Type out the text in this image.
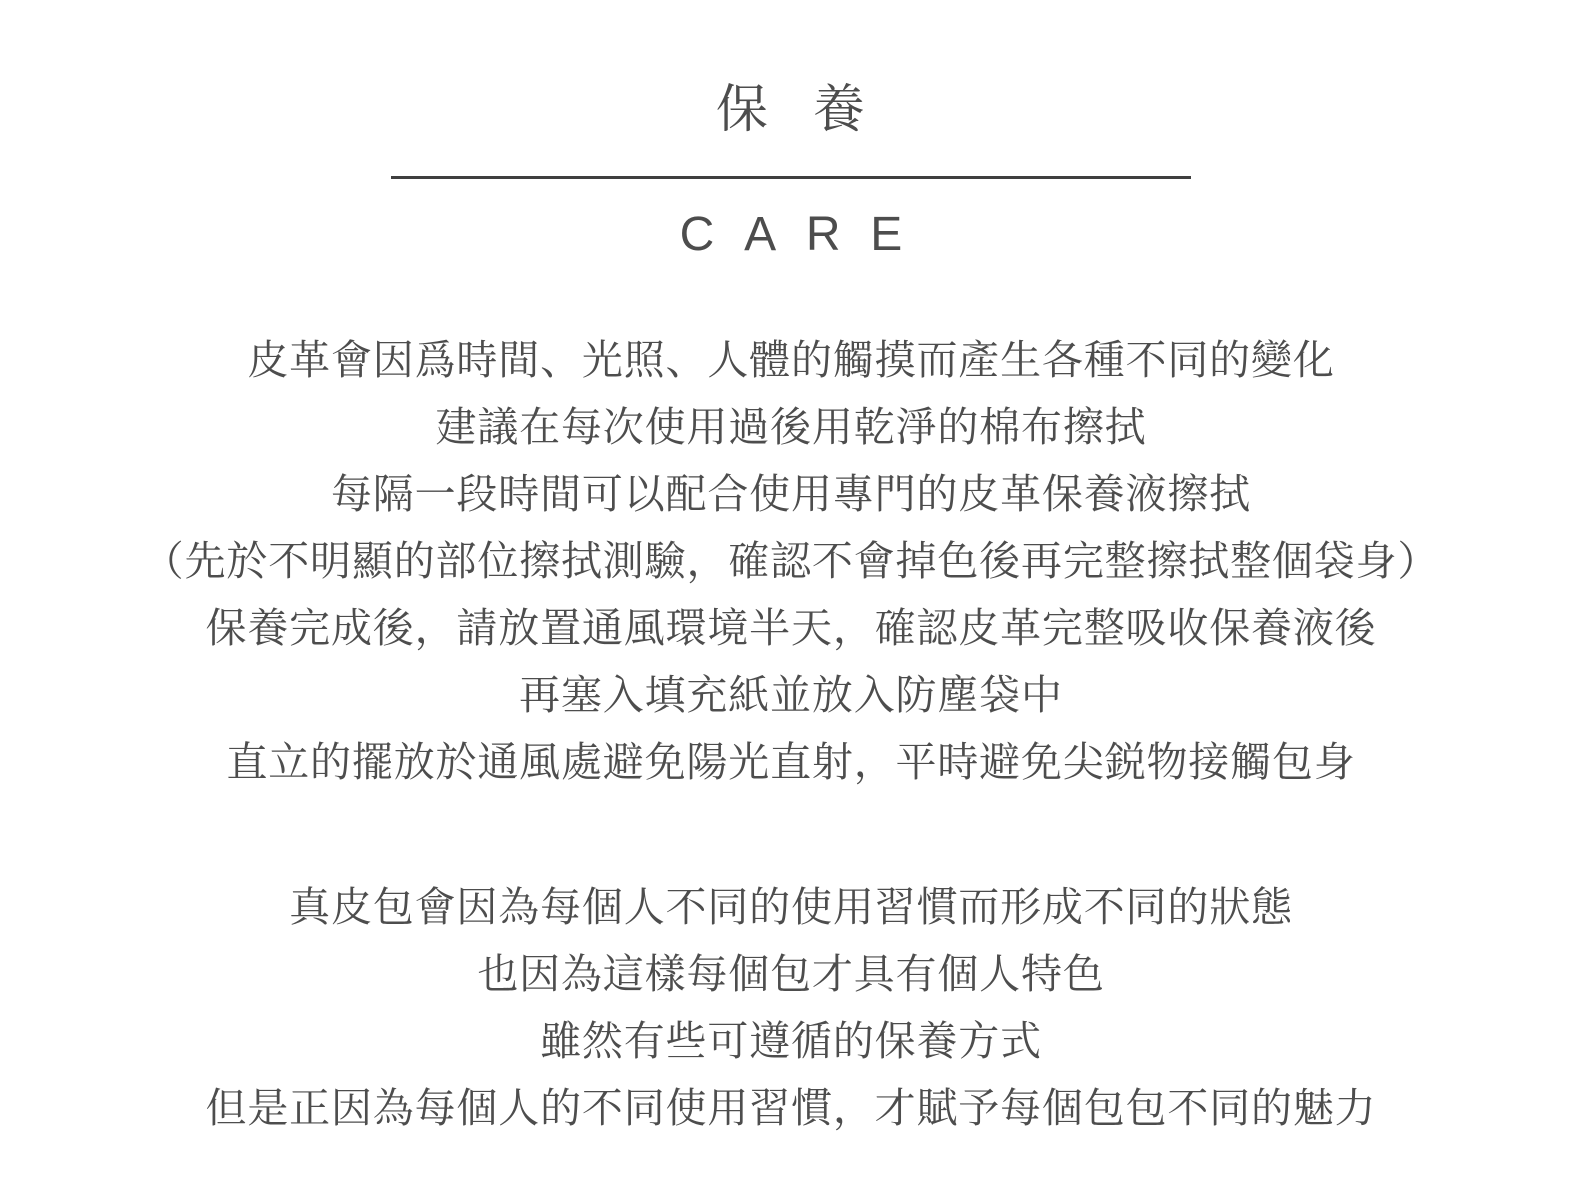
保 養
CARE
皮革會因爲時間、光照、人體的觸摸而產生各種不同的變化
建議在每次使用過後用乾淨的棉布擦拭
每隔一段時間可以配合使用專門的皮革保養液擦拭
（先於不明顯的部位擦拭測驗，確認不會掉色後再完整擦拭整個袋身）
保養完成後，請放置通風環境半天，確認皮革完整吸收保養液後
再塞入填充紙並放入防塵袋中
直立的擺放於通風處避免陽光直射，平時避免尖鋭物接觸包身
真皮包會因為每個人不同的使用習慣而形成不同的狀態
也因為這樣每個包才具有個人特色
雖然有些可遵循的保養方式
但是正因為每個人的不同使用習慣，才賦予每個包包不同的魅力
